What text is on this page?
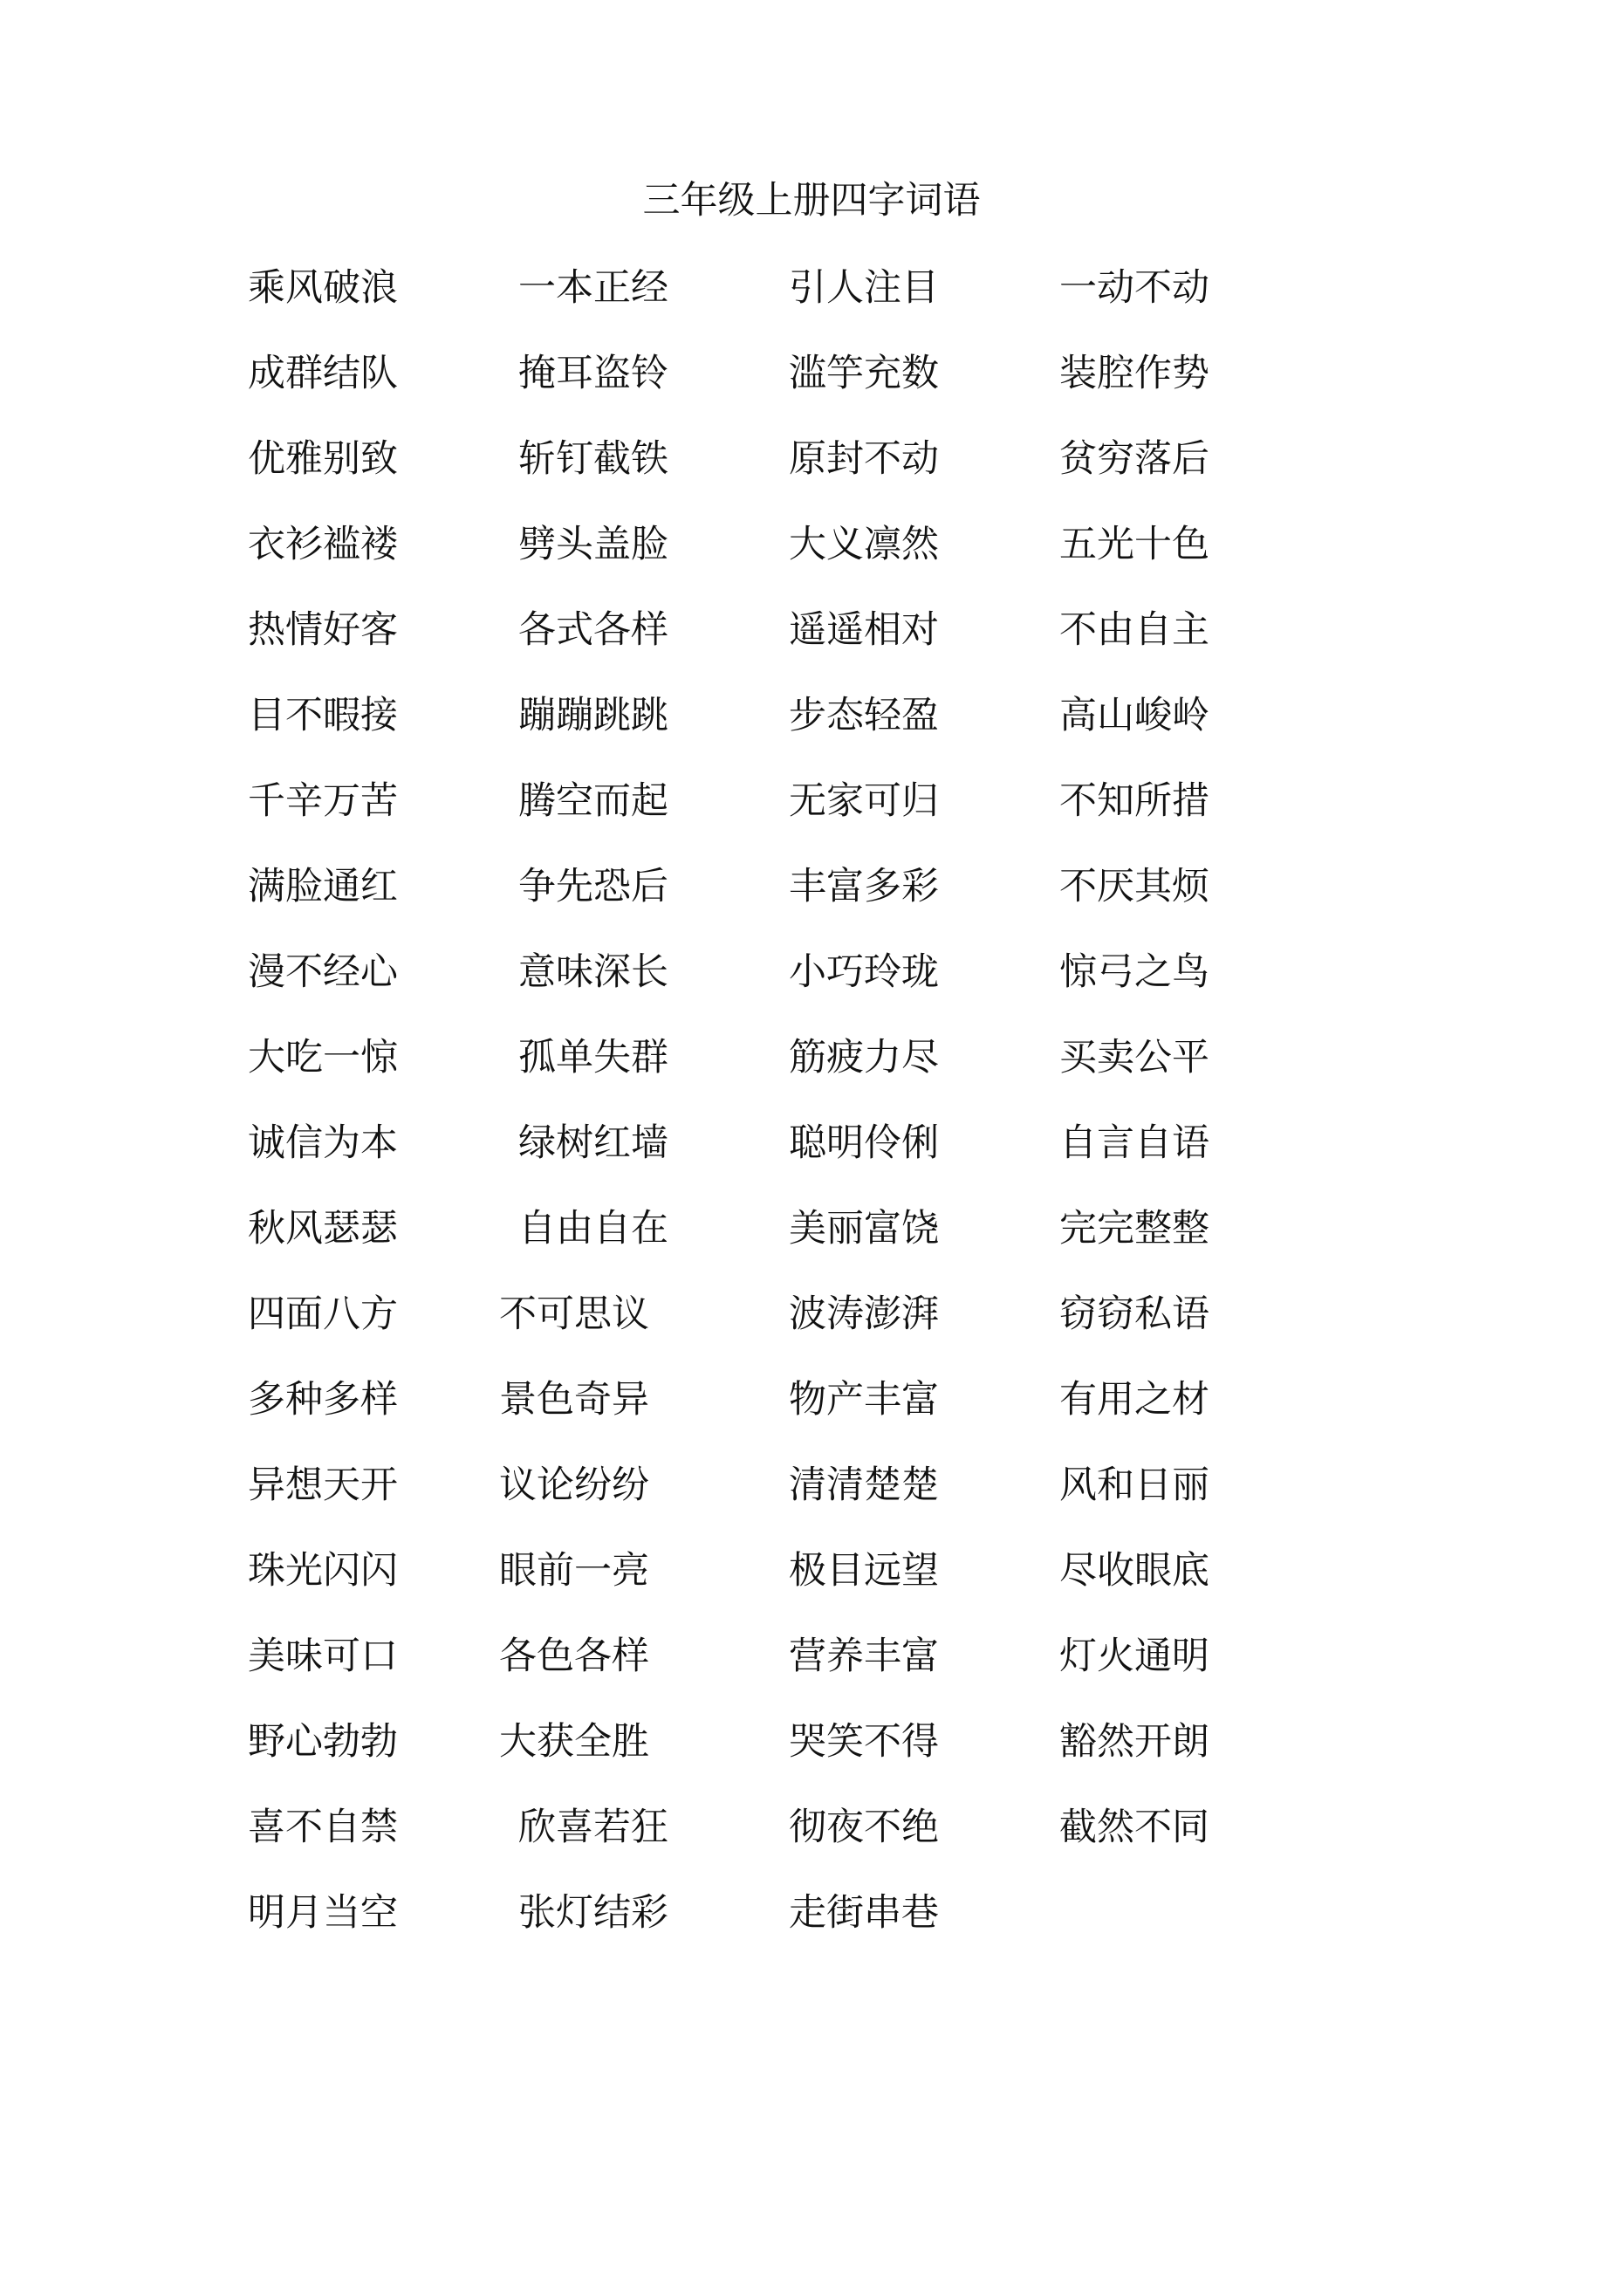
三年级上册四字词语
乘风破浪	一本正经	引人注目	一动不动
成群结队	掩耳盗铃	滥竽充数	装腔作势
优雅别致	斩钉截铁	原封不动	贫穷落后
衣衫褴褛	劈头盖脸	大义凛然	五光十色
热情好客	各式各样	遥遥相对	不由自主
目不暇接	蹦蹦跳跳	步态轻盈	高山峻岭
千辛万苦	腾空而起	无家可归	不知所措
满脸通红	争先恐后	丰富多彩	不厌其烦
漫不经心	意味深长	小巧玲珑	惊弓之鸟
大吃一惊	孤单失群	筋疲力尽	买卖公平
诚信为本	绿树红墙	聪明伶俐	自言自语
秋风瑟瑟	自由自在	美丽富饶	完完整整
四面八方	不可思议	波涛澎湃	窃窃私语
多种多样	景色奇异	物产丰富	有用之材
异想天开	议论纷纷	清清楚楚	风和日丽
珠光闪闪	眼前一亮	极目远望	尽收眼底
美味可口	各色各样	营养丰富	灯火通明
野心勃勃	大获全胜	哭笑不得	豁然开朗
喜不自禁	欣喜若狂	彻夜不绝	截然不同
明月当空	张灯结彩	走街串巷
